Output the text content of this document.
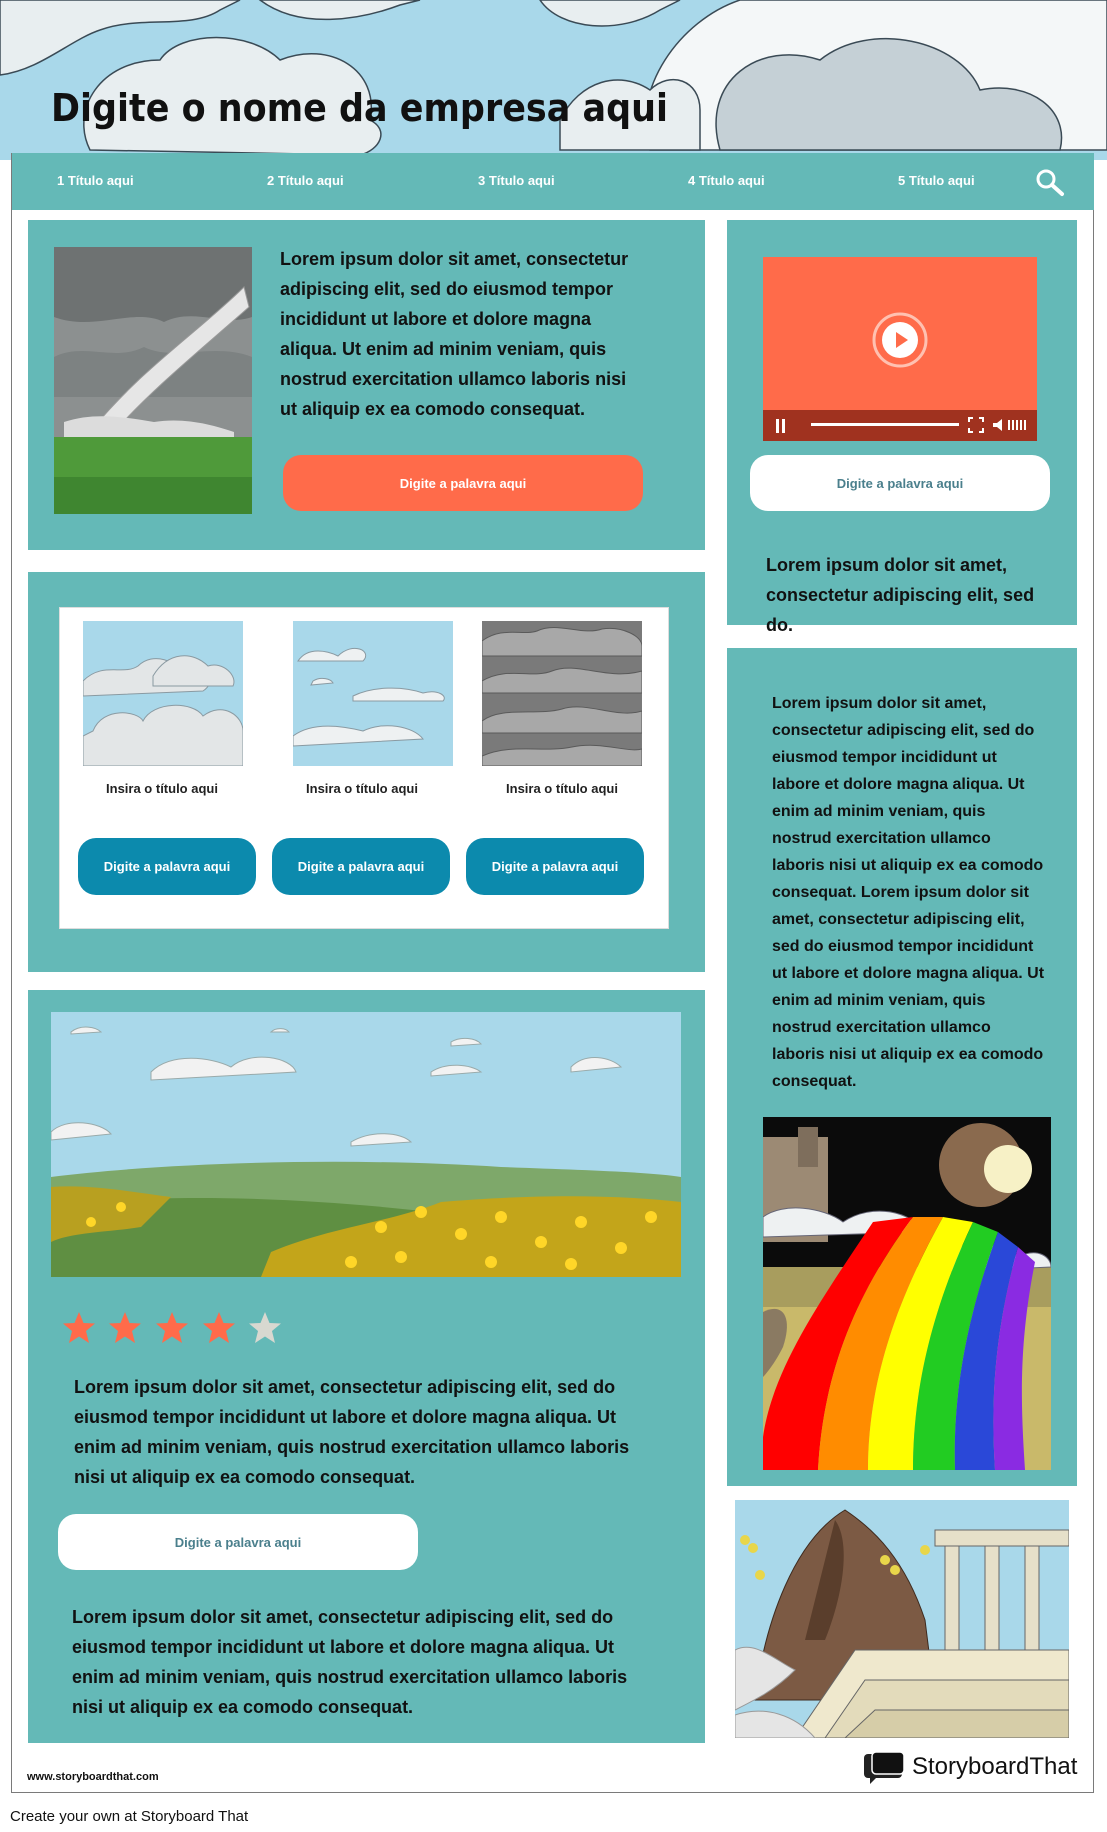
Digite o nome da empresa aqui
1 Título aqui	2 Título aqui	3 Título aqui	4 Título aqui	5 Título aqui

Lorem ipsum dolor sit amet, consectetur adipiscing elit, sed do eiusmod tempor incididunt ut labore et dolore magna aliqua. Ut enim ad minim veniam, quis nostrud exercitation ullamco laboris nisi ut aliquip ex ea comodo consequat.

Digite a palavra aqui	Digite a palavra aqui

Lorem ipsum dolor sit amet, consectetur adipiscing elit, sed do.

Insira o título aqui	Insira o título aqui	Insira o título aqui
Digite a palavra aqui	Digite a palavra aqui	Digite a palavra aqui

Lorem ipsum dolor sit amet, consectetur adipiscing elit, sed do eiusmod tempor incididunt ut labore et dolore magna aliqua. Ut enim ad minim veniam, quis nostrud exercitation ullamco laboris nisi ut aliquip ex ea comodo consequat. Lorem ipsum dolor sit amet, consectetur adipiscing elit, sed do eiusmod tempor incididunt ut labore et dolore magna aliqua. Ut enim ad minim veniam, quis nostrud exercitation ullamco laboris nisi ut aliquip ex ea comodo consequat.

Lorem ipsum dolor sit amet, consectetur adipiscing elit, sed do eiusmod tempor incididunt ut labore et dolore magna aliqua. Ut enim ad minim veniam, quis nostrud exercitation ullamco laboris nisi ut aliquip ex ea comodo consequat.

Digite a palavra aqui

Lorem ipsum dolor sit amet, consectetur adipiscing elit, sed do eiusmod tempor incididunt ut labore et dolore magna aliqua. Ut enim ad minim veniam, quis nostrud exercitation ullamco laboris nisi ut aliquip ex ea comodo consequat.

www.storyboardthat.com	StoryboardThat
Create your own at Storyboard That
